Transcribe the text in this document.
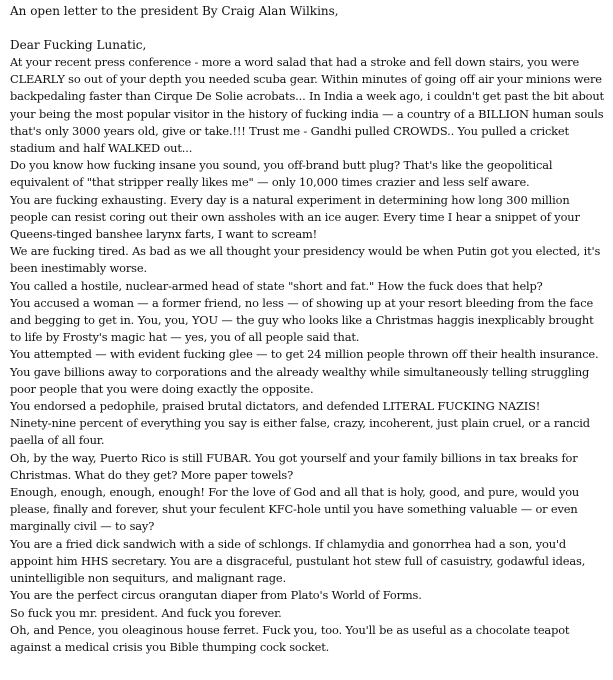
An open letter to the president By Craig Alan Wilkins,

Dear Fucking Lunatic,

At your recent press conference - more a word salad that had a stroke and fell down stairs, you were CLEARLY so out of your depth you needed scuba gear. Within minutes of going off air your minions were backpedaling faster than Cirque De Solie acrobats... In India a week ago, i couldn't get past the bit about your being the most popular visitor in the history of fucking india — a country of a BILLION human souls that's only 3000 years old, give or take.!!! Trust me - Gandhi pulled CROWDS.. You pulled a cricket stadium and half WALKED out...

Do you know how fucking insane you sound, you off-brand butt plug? That's like the geopolitical equivalent of "that stripper really likes me" — only 10,000 times crazier and less self aware.

You are fucking exhausting. Every day is a natural experiment in determining how long 300 million people can resist coring out their own assholes with an ice auger. Every time I hear a snippet of your Queens-tinged banshee larynx farts, I want to scream!

We are fucking tired. As bad as we all thought your presidency would be when Putin got you elected, it's been inestimably worse.

You called a hostile, nuclear-armed head of state "short and fat." How the fuck does that help?

You accused a woman — a former friend, no less — of showing up at your resort bleeding from the face and begging to get in. You, you, YOU — the guy who looks like a Christmas haggis inexplicably brought to life by Frosty's magic hat — yes, you of all people said that.

You attempted — with evident fucking glee — to get 24 million people thrown off their health insurance.

You gave billions away to corporations and the already wealthy while simultaneously telling struggling poor people that you were doing exactly the opposite.

You endorsed a pedophile, praised brutal dictators, and defended LITERAL FUCKING NAZIS!

Ninety-nine percent of everything you say is either false, crazy, incoherent, just plain cruel, or a rancid paella of all four.

Oh, by the way, Puerto Rico is still FUBAR. You got yourself and your family billions in tax breaks for Christmas. What do they get? More paper towels?

Enough, enough, enough, enough! For the love of God and all that is holy, good, and pure, would you please, finally and forever, shut your feculent KFC-hole until you have something valuable — or even marginally civil — to say?

You are a fried dick sandwich with a side of schlongs. If chlamydia and gonorrhea had a son, you'd appoint him HHS secretary. You are a disgraceful, pustulant hot stew full of casuistry, godawful ideas, unintelligible non sequiturs, and malignant rage.

You are the perfect circus orangutan diaper from Plato's World of Forms.

So fuck you mr. president. And fuck you forever.

Oh, and Pence, you oleaginous house ferret. Fuck you, too. You'll be as useful as a chocolate teapot against a medical crisis you Bible thumping cock socket.
